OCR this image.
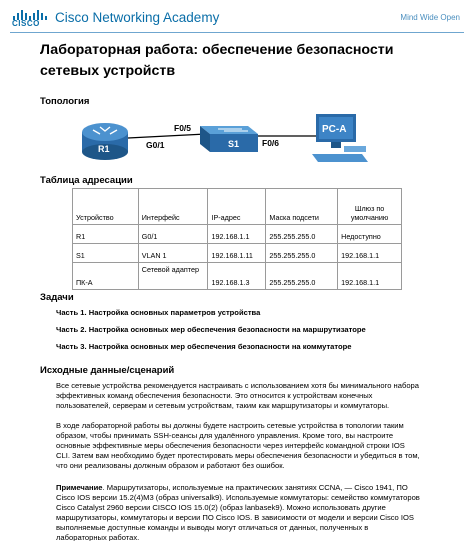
CISCO Cisco Networking Academy	Mind Wide Open
Лабораторная работа: обеспечение безопасности сетевых устройств
Топология
R1	S1
PC-A
G0/1
F0/5
F0/6
Таблица адресации
Устройство	Интерфейс	IP-адрес	Маска подсети	Шлюз по умолчанию
R1	G0/1	192.168.1.1	255.255.255.0	Недоступно
S1	VLAN 1	192.168.1.11	255.255.255.0	192.168.1.1
ПК-А	Сетевой адаптер	192.168.1.3	255.255.255.0	192.168.1.1
Задачи
Часть 1. Настройка основных параметров устройства
Часть 2. Настройка основных мер обеспечения безопасности на маршрутизаторе
Часть 3. Настройка основных мер обеспечения безопасности на коммутаторе
Исходные данные/сценарий
Все сетевые устройства рекомендуется настраивать с использованием хотя бы минимального набора эффективных команд обеспечения безопасности. Это относится к устройствам конечных пользователей, серверам и сетевым устройствам, таким как маршрутизаторы и коммутаторы.
В ходе лабораторной работы вы должны будете настроить сетевые устройства в топологии таким образом, чтобы принимать SSH-сеансы для удалённого управления. Кроме того, вы настроите основные эффективные меры обеспечения безопасности через интерфейс командной строки IOS CLI. Затем вам необходимо будет протестировать меры обеспечения безопасности и убедиться в том, что они реализованы должным образом и работают без ошибок.
Примечание. Маршрутизаторы, используемые на практических занятиях CCNA, — Cisco 1941, ПО Cisco IOS версии 15.2(4)M3 (образ universalk9). Используемые коммутаторы: семейство коммутаторов Cisco Catalyst 2960 версии CISCO IOS 15.0(2) (образ lanbasek9). Можно использовать другие маршрутизаторы, коммутаторы и версии ПО Cisco IOS. В зависимости от модели и версии Cisco IOS выполняемые доступные команды и выводы могут отличаться от данных, полученных в лабораторных работах.
